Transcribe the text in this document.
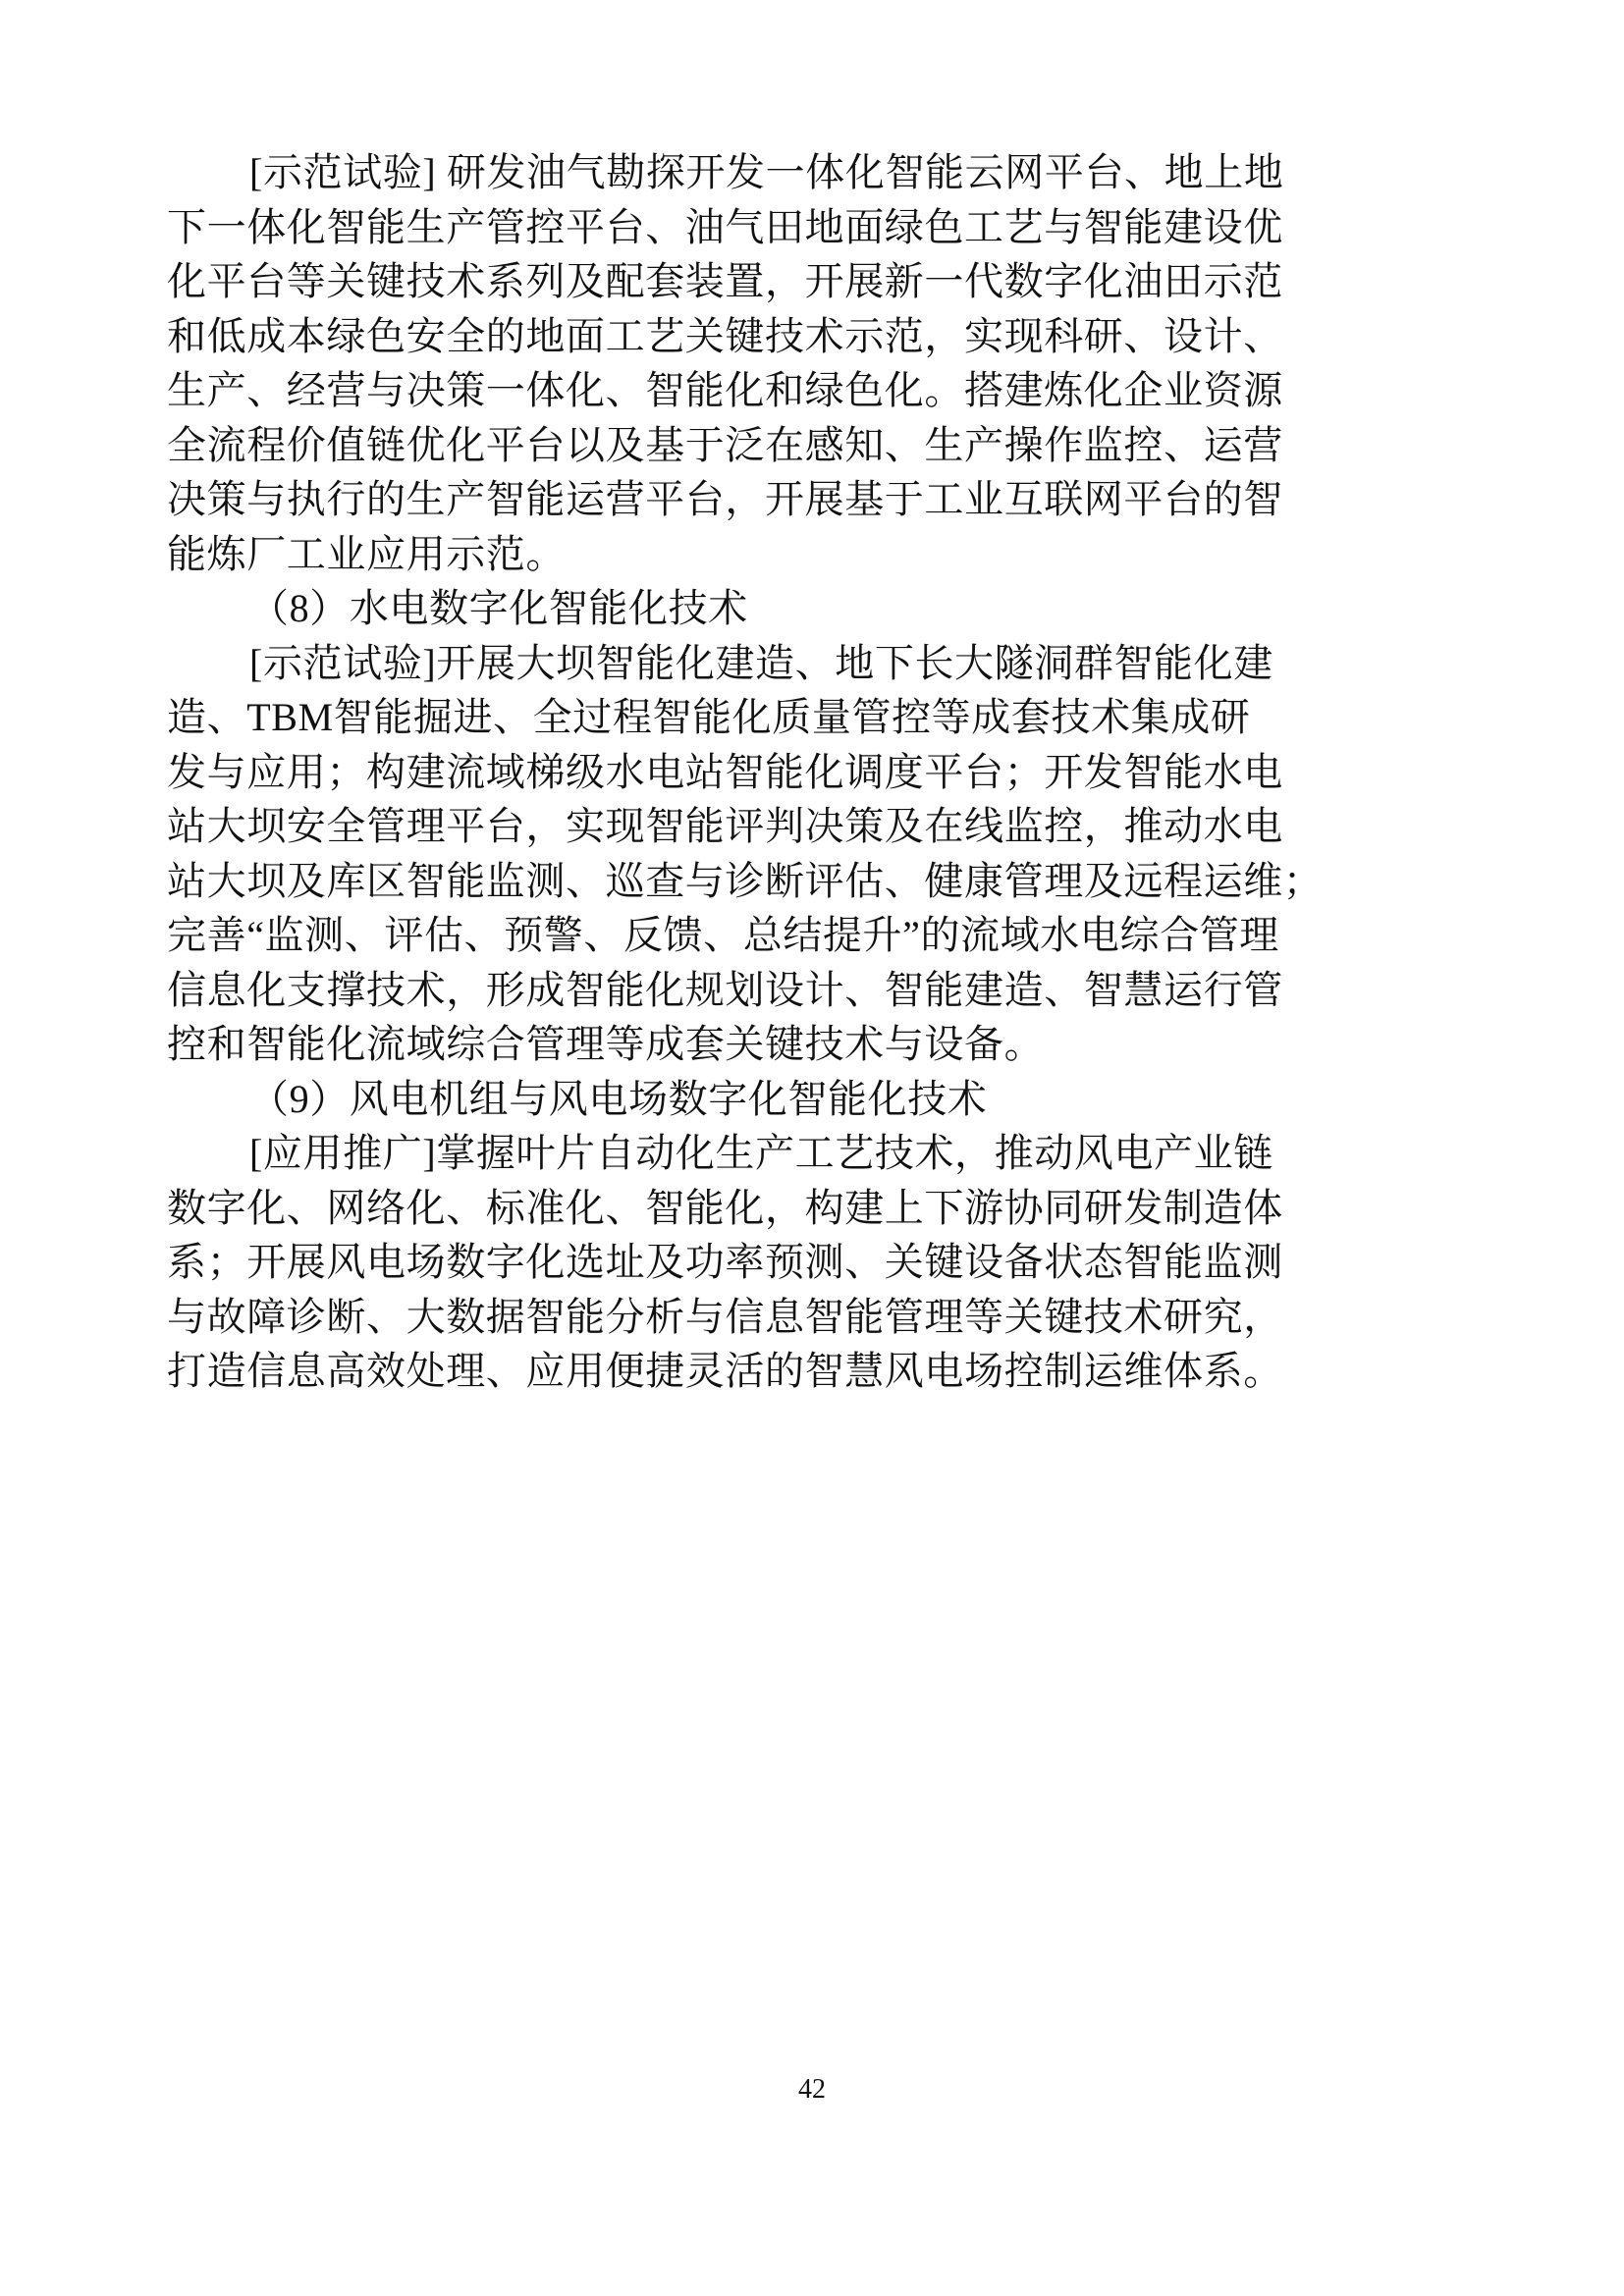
[示范试验] 研发油气勘探开发一体化智能云网平台、地上地
下一体化智能生产管控平台、油气田地面绿色工艺与智能建设优
化平台等关键技术系列及配套装置，开展新一代数字化油田示范
和低成本绿色安全的地面工艺关键技术示范，实现科研、设计、
生产、经营与决策一体化、智能化和绿色化。搭建炼化企业资源
全流程价值链优化平台以及基于泛在感知、生产操作监控、运营
决策与执行的生产智能运营平台，开展基于工业互联网平台的智
能炼厂工业应用示范。
（8）水电数字化智能化技术
[示范试验]开展大坝智能化建造、地下长大隧洞群智能化建
造、TBM智能掘进、全过程智能化质量管控等成套技术集成研
发与应用；构建流域梯级水电站智能化调度平台；开发智能水电
站大坝安全管理平台，实现智能评判决策及在线监控，推动水电
站大坝及库区智能监测、巡查与诊断评估、健康管理及远程运维；
完善“监测、评估、预警、反馈、总结提升”的流域水电综合管理
信息化支撑技术，形成智能化规划设计、智能建造、智慧运行管
控和智能化流域综合管理等成套关键技术与设备。
（9）风电机组与风电场数字化智能化技术
[应用推广]掌握叶片自动化生产工艺技术，推动风电产业链
数字化、网络化、标准化、智能化，构建上下游协同研发制造体
系；开展风电场数字化选址及功率预测、关键设备状态智能监测
与故障诊断、大数据智能分析与信息智能管理等关键技术研究，
打造信息高效处理、应用便捷灵活的智慧风电场控制运维体系。
42
